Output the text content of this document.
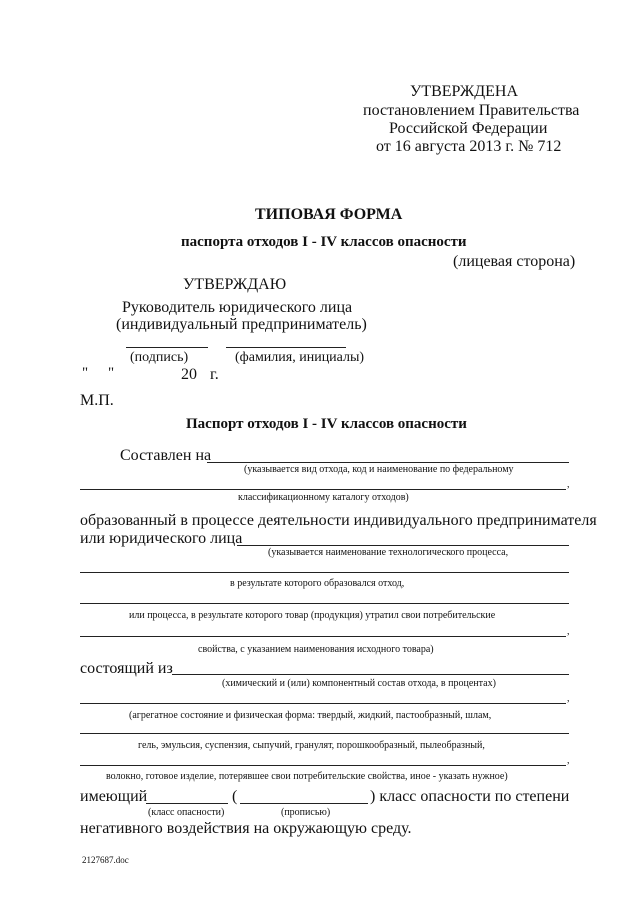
УТВЕРЖДЕНА
постановлением Правительства
Российской Федерации
от 16 августа 2013 г. № 712
ТИПОВАЯ ФОРМА
паспорта отходов I - IV классов опасности
(лицевая сторона)
УТВЕРЖДАЮ
Руководитель юридического лица
(индивидуальный предприниматель)
(подпись)	(фамилия, инициалы)
" "	20 г.
М.П.
Паспорт отходов I - IV классов опасности
Составлен на
(указывается вид отхода, код и наименование по федеральному
,
классификационному каталогу отходов)
образованный в процессе деятельности индивидуального предпринимателя
или юридического лица
(указывается наименование технологического процесса,
в результате которого образовался отход,
или процесса, в результате которого товар (продукция) утратил свои потребительские
,
свойства, с указанием наименования исходного товара)
состоящий из
(химический и (или) компонентный состав отхода, в процентах)
,
(агрегатное состояние и физическая форма: твердый, жидкий, пастообразный, шлам,
гель, эмульсия, суспензия, сыпучий, гранулят, порошкообразный, пылеобразный,
,
волокно, готовое изделие, потерявшее свои потребительские свойства, иное - указать нужное)
имеющий	(	) класс опасности по степени
(класс опасности)	(прописью)
негативного воздействия на окружающую среду.
2127687.doc
